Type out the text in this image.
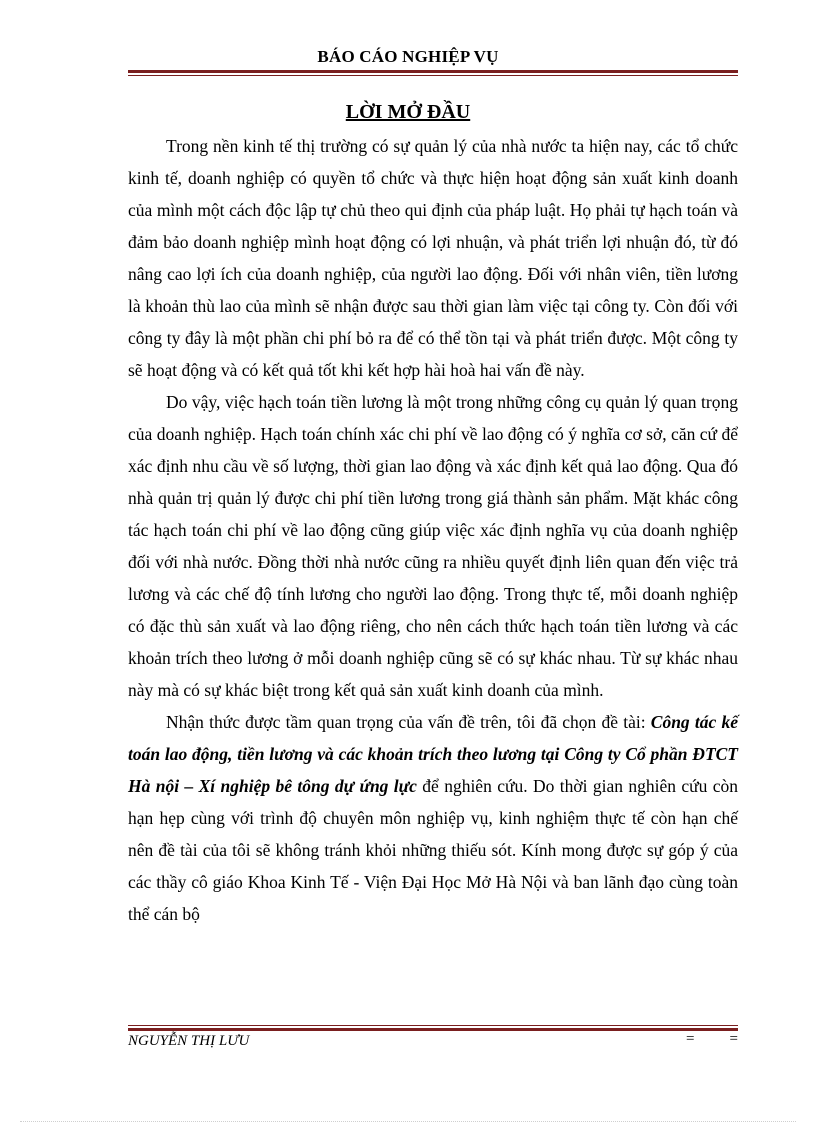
BÁO CÁO NGHIỆP VỤ
LỜI MỞ ĐẦU

Trong nền kinh tế thị trường có sự quản lý của nhà nước ta hiện nay, các tổ chức kinh tế, doanh nghiệp có quyền tổ chức và thực hiện hoạt động sản xuất kinh doanh của mình một cách độc lập tự chủ theo qui định của pháp luật. Họ phải tự hạch toán và đảm bảo doanh nghiệp mình hoạt động có lợi nhuận, và phát triển lợi nhuận đó, từ đó nâng cao lợi ích của doanh nghiệp, của người lao động. Đối với nhân viên, tiền lương là khoản thù lao của mình sẽ nhận được sau thời gian làm việc tại công ty. Còn đối với công ty đây là một phần chi phí bỏ ra để có thể tồn tại và phát triển được. Một công ty sẽ hoạt động và có kết quả tốt khi kết hợp hài hoà hai vấn đề này.

Do vậy, việc hạch toán tiền lương là một trong những công cụ quản lý quan trọng của doanh nghiệp. Hạch toán chính xác chi phí về lao động có ý nghĩa cơ sở, căn cứ để xác định nhu cầu về số lượng, thời gian lao động và xác định kết quả lao động. Qua đó nhà quản trị quản lý được chi phí tiền lương trong giá thành sản phẩm. Mặt khác công tác hạch toán chi phí về lao động cũng giúp việc xác định nghĩa vụ của doanh nghiệp đối với nhà nước. Đồng thời nhà nước cũng ra nhiều quyết định liên quan đến việc trả lương và các chế độ tính lương cho người lao động. Trong thực tế, mỗi doanh nghiệp có đặc thù sản xuất và lao động riêng, cho nên cách thức hạch toán tiền lương và các khoản trích theo lương ở mỗi doanh nghiệp cũng sẽ có sự khác nhau. Từ sự khác nhau này mà có sự khác biệt trong kết quả sản xuất kinh doanh của mình.

Nhận thức được tầm quan trọng của vấn đề trên, tôi đã chọn đề tài: Công tác kế toán lao động, tiền lương và các khoản trích theo lương tại Công ty Cổ phần ĐTCT Hà nội – Xí nghiệp bê tông dự ứng lực để nghiên cứu. Do thời gian nghiên cứu còn hạn hẹp cùng với trình độ chuyên môn nghiệp vụ, kinh nghiệm thực tế còn hạn chế nên đề tài của tôi sẽ không tránh khỏi những thiếu sót. Kính mong được sự góp ý của các thầy cô giáo Khoa Kinh Tế - Viện Đại Học Mở Hà Nội và ban lãnh đạo cùng toàn thể cán bộ

NGUYỄN THỊ LƯU	= =
